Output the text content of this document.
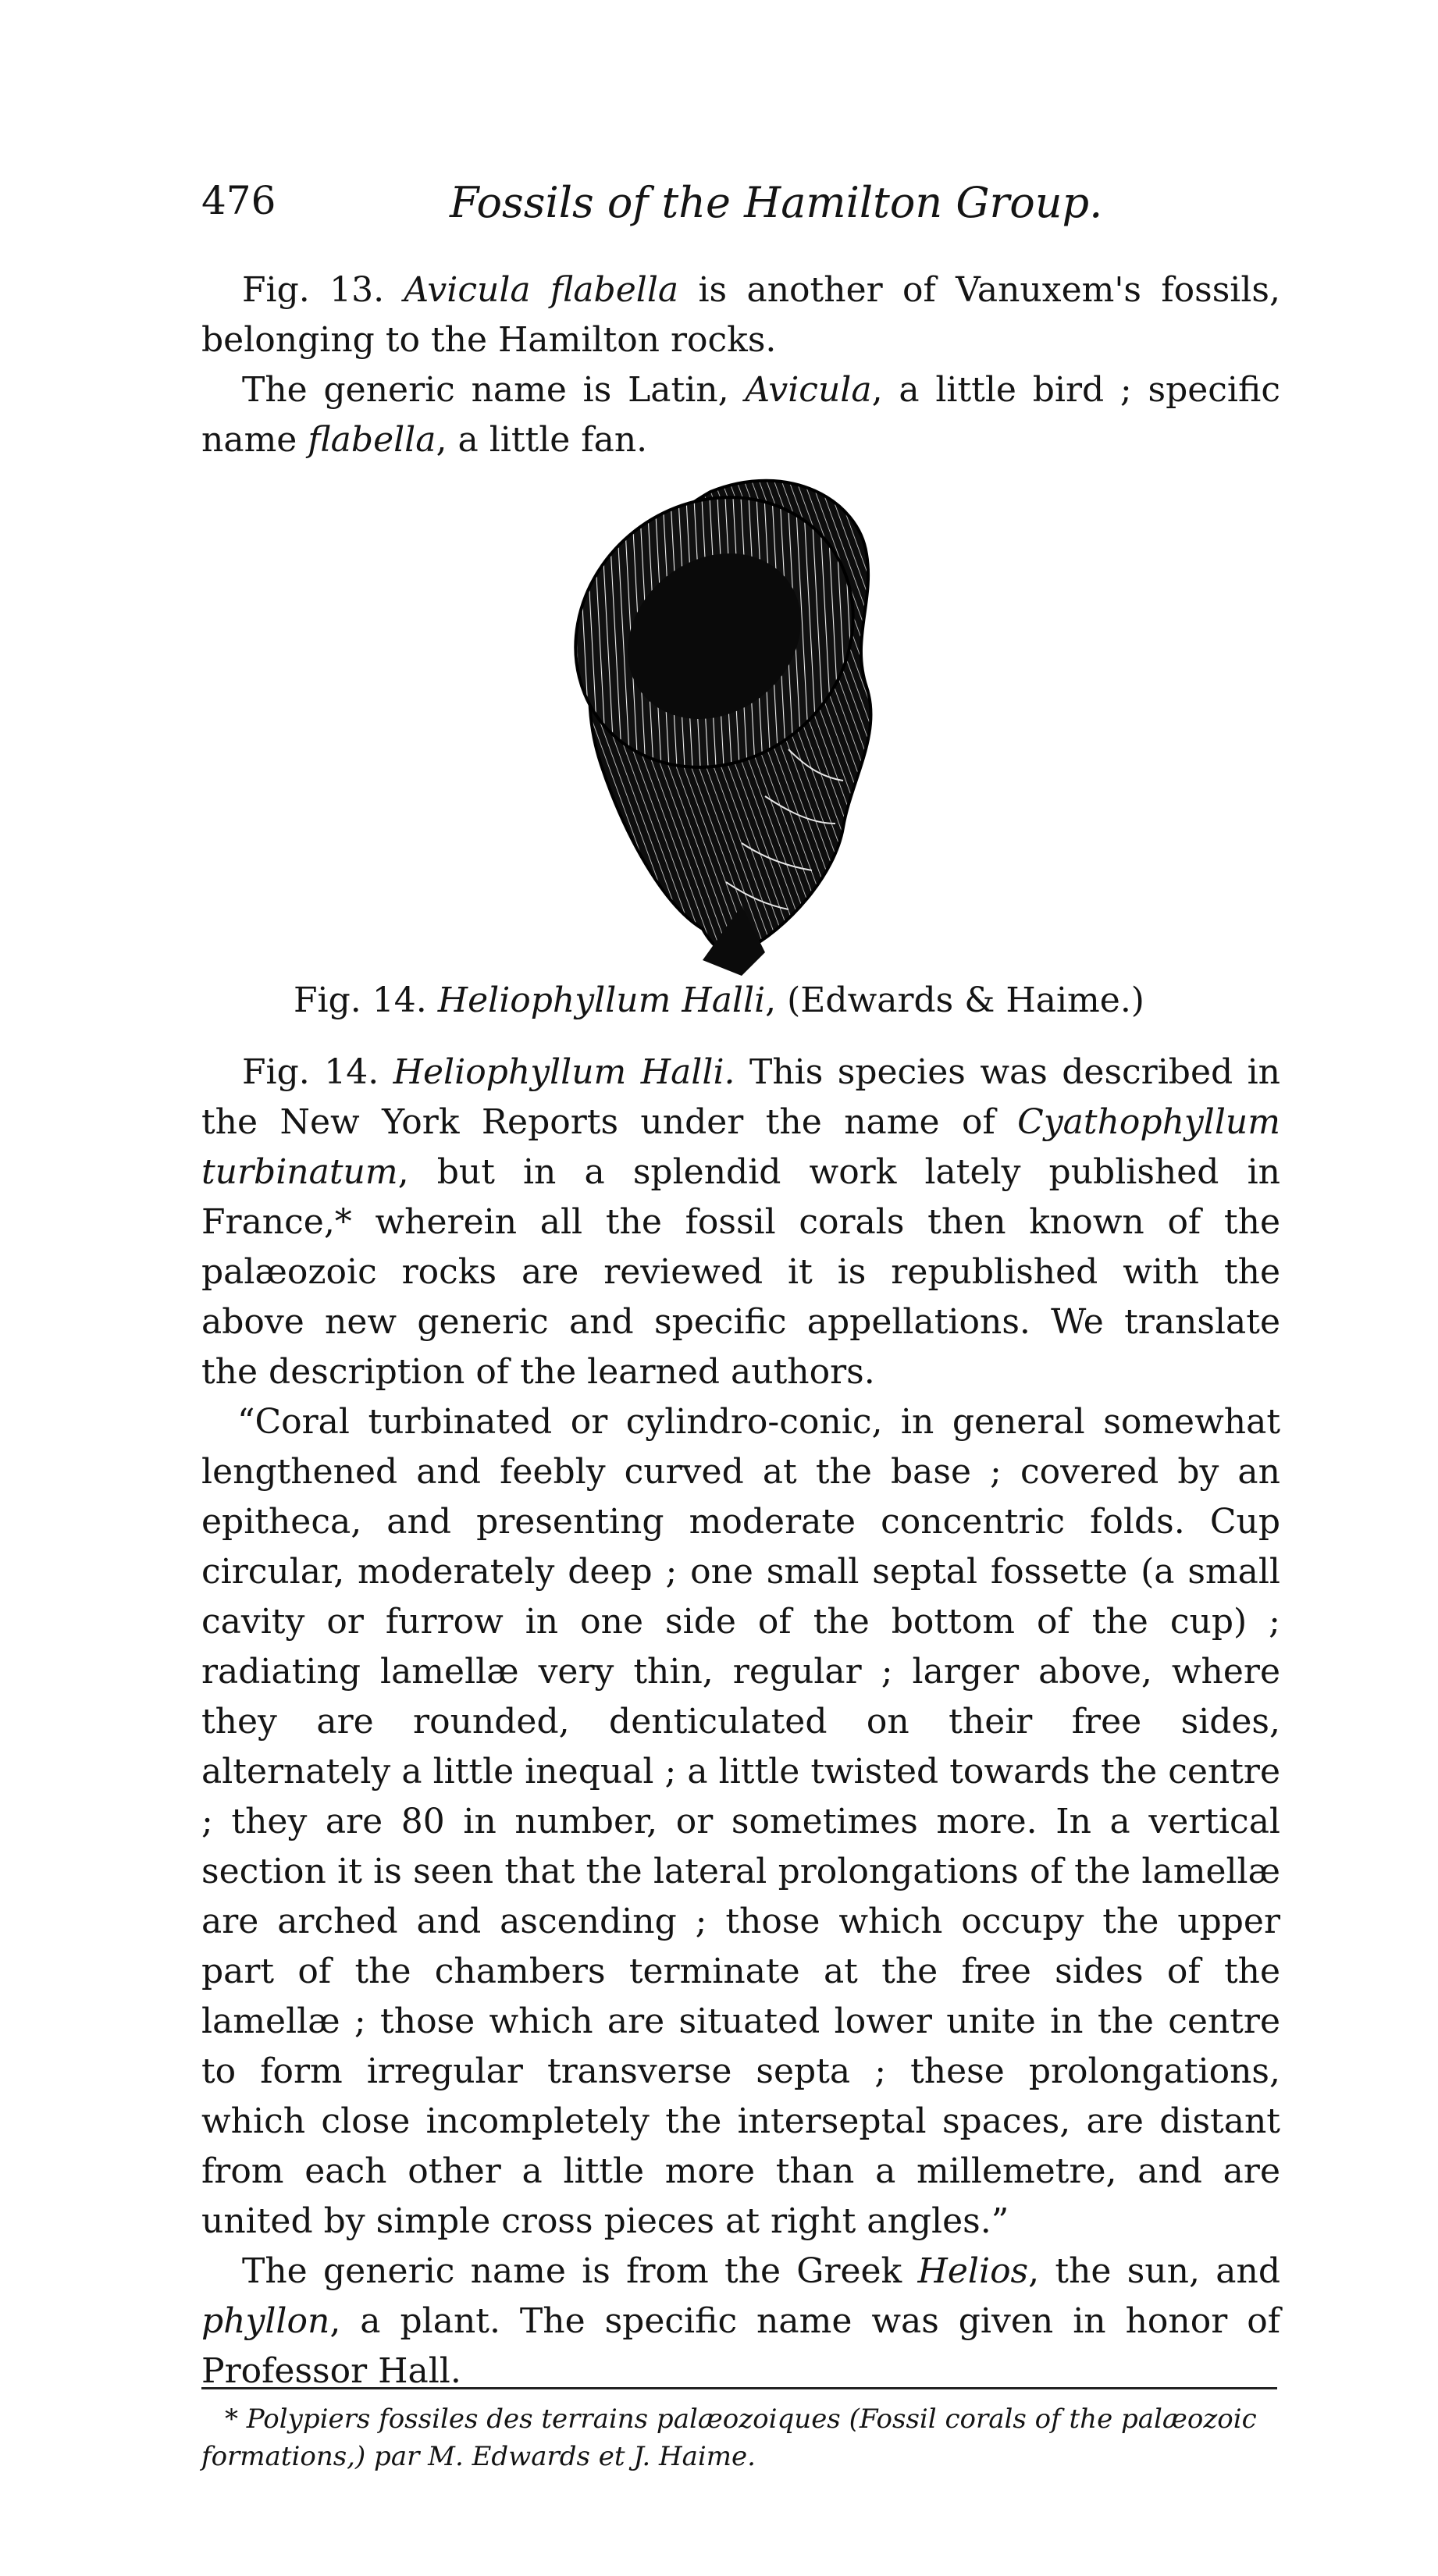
476	Fossils of the Hamilton Group.

Fig. 13. Avicula flabella is another of Vanuxem's fossils, belonging to the Hamilton rocks.

The generic name is Latin, Avicula, a little bird ; specific name flabella, a little fan.

Fig. 14. Heliophyllum Halli, (Edwards & Haime.)

Fig. 14. Heliophyllum Halli. This species was described in the New York Reports under the name of Cyathophyllum turbinatum, but in a splendid work lately published in France,* wherein all the fossil corals then known of the palæozoic rocks are reviewed it is republished with the above new generic and specific appellations. We translate the description of the learned authors.

“Coral turbinated or cylindro-conic, in general somewhat lengthened and feebly curved at the base ; covered by an epitheca, and presenting moderate concentric folds. Cup circular, moderately deep ; one small septal fossette (a small cavity or furrow in one side of the bottom of the cup) ; radiating lamellæ very thin, regular ; larger above, where they are rounded, denticulated on their free sides, alternately a little inequal ; a little twisted towards the centre ; they are 80 in number, or sometimes more. In a vertical section it is seen that the lateral prolongations of the lamellæ are arched and ascending ; those which occupy the upper part of the chambers terminate at the free sides of the lamellæ ; those which are situated lower unite in the centre to form irregular transverse septa ; these prolongations, which close incompletely the interseptal spaces, are distant from each other a little more than a millemetre, and are united by simple cross pieces at right angles.”

The generic name is from the Greek Helios, the sun, and phyllon, a plant. The specific name was given in honor of Professor Hall.

* Polypiers fossiles des terrains palæozoiques (Fossil corals of the palæozoic formations,) par M. Edwards et J. Haime.
